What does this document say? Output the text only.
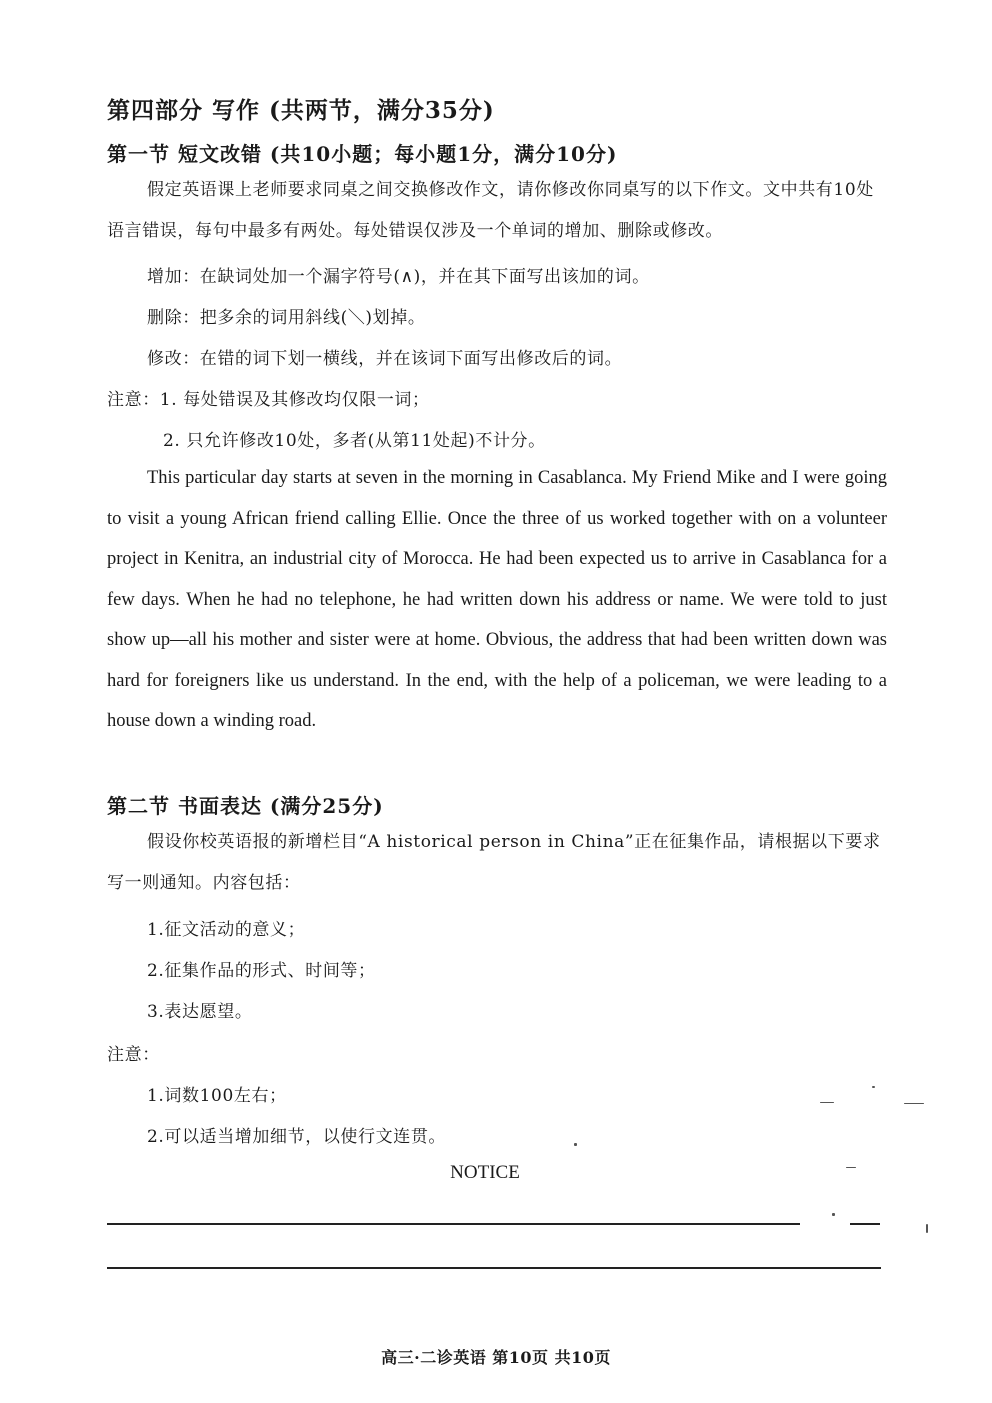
第四部分 写作 (共两节，满分35分)
第一节 短文改错 (共10小题；每小题1分，满分10分)
假定英语课上老师要求同桌之间交换修改作文，请你修改你同桌写的以下作文。文中共有10处语言错误，每句中最多有两处。每处错误仅涉及一个单词的增加、删除或修改。
增加：在缺词处加一个漏字符号(∧)，并在其下面写出该加的词。
删除：把多余的词用斜线(＼)划掉。
修改：在错的词下划一横线，并在该词下面写出修改后的词。
注意：1. 每处错误及其修改均仅限一词；
2. 只允许修改10处，多者(从第11处起)不计分。
This particular day starts at seven in the morning in Casablanca. My Friend Mike and I were going to visit a young African friend calling Ellie. Once the three of us worked together with on a volunteer project in Kenitra, an industrial city of Morocca. He had been expected us to arrive in Casablanca for a few days. When he had no telephone, he had written down his address or name. We were told to just show up—all his mother and sister were at home. Obvious, the address that had been written down was hard for foreigners like us understand. In the end, with the help of a policeman, we were leading to a house down a winding road.
第二节 书面表达 (满分25分)
假设你校英语报的新增栏目“A historical person in China”正在征集作品，请根据以下要求写一则通知。内容包括：
1.征文活动的意义；
2.征集作品的形式、时间等；
3.表达愿望。
注意：
1.词数100左右；
2.可以适当增加细节，以使行文连贯。
NOTICE
高三·二诊英语 第10页 共10页
